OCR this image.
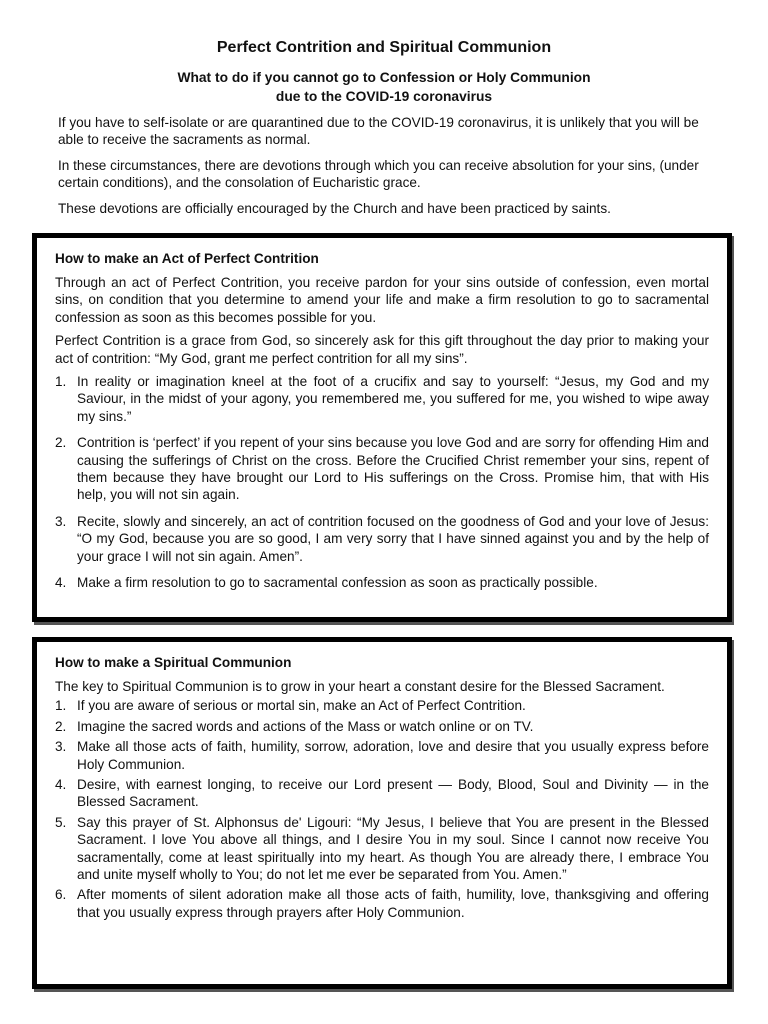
Perfect Contrition and Spiritual Communion
What to do if you cannot go to Confession or Holy Communion
due to the COVID-19 coronavirus

If you have to self-isolate or are quarantined due to the COVID-19 coronavirus, it is unlikely that you will be able to receive the sacraments as normal.

In these circumstances, there are devotions through which you can receive absolution for your sins, (under certain conditions), and the consolation of Eucharistic grace.

These devotions are officially encouraged by the Church and have been practiced by saints.

How to make an Act of Perfect Contrition

Through an act of Perfect Contrition, you receive pardon for your sins outside of confession, even mortal sins, on condition that you determine to amend your life and make a firm resolution to go to sacramental confession as soon as this becomes possible for you.

Perfect Contrition is a grace from God, so sincerely ask for this gift throughout the day prior to making your act of contrition: “My God, grant me perfect contrition for all my sins”.

1. In reality or imagination kneel at the foot of a crucifix and say to yourself: “Jesus, my God and my Saviour, in the midst of your agony, you remembered me, you suffered for me, you wished to wipe away my sins.”
2. Contrition is ‘perfect’ if you repent of your sins because you love God and are sorry for offending Him and causing the sufferings of Christ on the cross. Before the Crucified Christ remember your sins, repent of them because they have brought our Lord to His sufferings on the Cross. Promise him, that with His help, you will not sin again.
3. Recite, slowly and sincerely, an act of contrition focused on the goodness of God and your love of Jesus: “O my God, because you are so good, I am very sorry that I have sinned against you and by the help of your grace I will not sin again. Amen”.
4. Make a firm resolution to go to sacramental confession as soon as practically possible.
How to make a Spiritual Communion

The key to Spiritual Communion is to grow in your heart a constant desire for the Blessed Sacrament.

1. If you are aware of serious or mortal sin, make an Act of Perfect Contrition.
2. Imagine the sacred words and actions of the Mass or watch online or on TV.
3. Make all those acts of faith, humility, sorrow, adoration, love and desire that you usually express before Holy Communion.
4. Desire, with earnest longing, to receive our Lord present — Body, Blood, Soul and Divinity — in the Blessed Sacrament.
5. Say this prayer of St. Alphonsus de' Ligouri: “My Jesus, I believe that You are present in the Blessed Sacrament. I love You above all things, and I desire You in my soul. Since I cannot now receive You sacramentally, come at least spiritually into my heart. As though You are already there, I embrace You and unite myself wholly to You; do not let me ever be separated from You. Amen.”
6. After moments of silent adoration make all those acts of faith, humility, love, thanksgiving and offering that you usually express through prayers after Holy Communion.
